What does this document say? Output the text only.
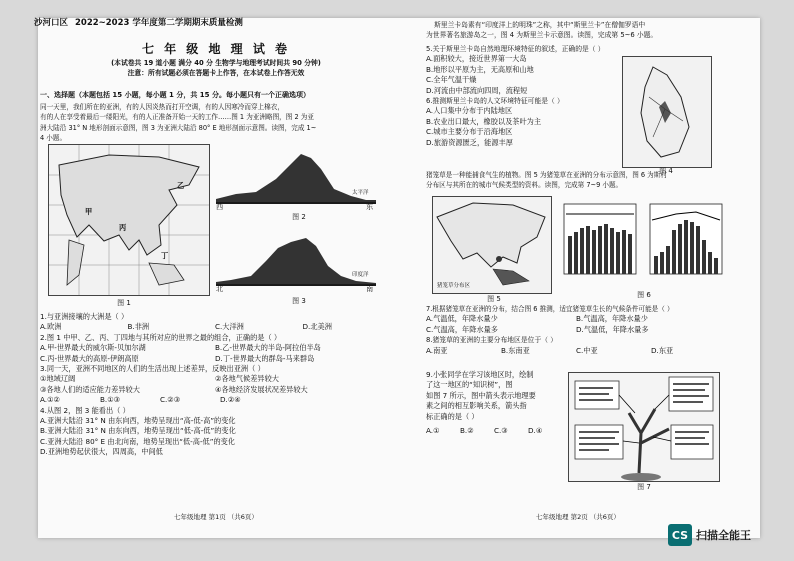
沙河口区 2022~2023 学年度第二学期期末质量检测
七 年 级 地 理 试 卷
(本试卷共 19 道小题 满分 40 分 生物学与地理考试时间共 90 分钟)
注意：所有试题必须在答题卡上作答，在本试卷上作答无效
一、选择题（本题包括 15 小题，每小题 1 分，共 15 分。每小题只有一个正确选项）
同一天里，我们所在的亚洲，有的人因炎热而打开空调，有的人因寒冷而穿上棉衣，
有的人在享受着最后一缕阳光，有的人正准备开始一天的工作……图 1 为亚洲略图，图 2 为亚
洲大陆沿 31° N 地形剖面示意图，图 3 为亚洲大陆沿 80° E 地形剖面示意图。读图，完成 1~
4 小题。
甲
乙
丙
丁
图 1
西	东
太平洋
图 2
北	南
印度洋
图 3
1.与亚洲接壤的大洲是（ ）
A.欧洲	B.非洲	C.大洋洲	D.北美洲
2.图 1 中甲、乙、丙、丁四地与其所对应的世界之最的组合，正确的是（ ）
A.甲-世界最大的威尔斯-贝加尔湖	B.乙-世界最大的半岛-阿拉伯半岛
C.丙-世界最大的高原-伊朗高原	D.丁-世界最大的群岛-马来群岛
3.同一天，亚洲不同地区的人们的生活出现上述差异，反映出亚洲（ ）
①地域辽阔	②各地气候差异较大
③各地人们的适应能力差异较大	④各地经济发展状况差异较大
A.①②	B.①③	C.②③	D.②④
4.从图 2，图 3 能看出（ ）
A.亚洲大陆沿 31° N 由东向西，地势呈现出“高-低-高”的变化
B.亚洲大陆沿 31° N 由东向西，地势呈现出“低-高-低”的变化
C.亚洲大陆沿 80° E 由北向南，地势呈现出“低-高-低”的变化
D.亚洲地势起伏很大，四周高，中间低
七年级地理 第1页 （共6页）
斯里兰卡岛素有“印度洋上的明珠”之称，其中“斯里兰卡”在僧伽罗语中
为世界著名旅游岛之一，图 4 为斯里兰卡示意图。读图，完成第 5~6 小题。
5.关于斯里兰卡岛自然地理环境特征的叙述，正确的是（ ）
A.面积较大，接近世界第一大岛
B.地形以平原为主，无高原和山地
C.全年气温干燥
D.河流由中部流向四周，流程短
6.推测斯里兰卡岛的人文环境特征可能是（ ）
A.人口集中分布于内陆地区
B.农业出口最大，橡胶以及茶叶为主
C.城市主要分布于沿海地区
D.旅游资源匮乏，能源丰厚
图 4
猪笼草是一种能捕食气生的植物。图 5 为猪笼草在亚洲的分布示意图，图 6 为斯村
分布区与其所在的城市气候类型的资料。读图，完成第 7~9 小题。
猪笼草分布区
图 5	图 6
7.根据猪笼草在亚洲的分布，结合图 6 推测，适宜猪笼草生长的气候条件可能是（ ）
A.气温低，年降水量少	B.气温高，年降水量少
C.气温高，年降水量多	D.气温低，年降水量多
8.猪笼草的亚洲的主要分布地区是位于（ ）
A.南亚	B.东南亚	C.中亚	D.东亚
9.小张同学在学习该地区时，绘制
了这一地区的“知识树”，图
如图 7 所示，图中箭头表示地理要
素之间的相互影响关系，箭头指
标正确的是（ ）
A.①	B.②	C.③	D.④
图 7
七年级地理 第2页 （共6页）
CS 扫描全能王
